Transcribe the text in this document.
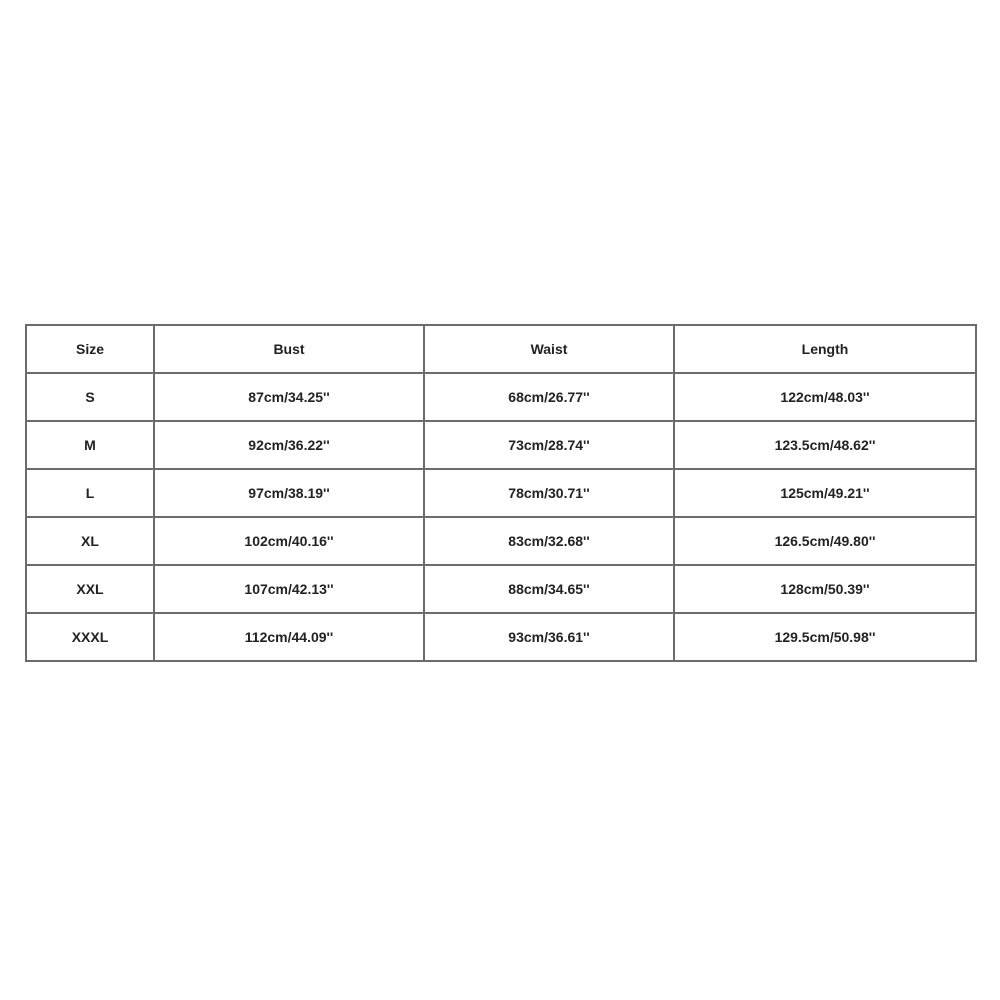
Size	Bust	Waist	Length
S	87cm/34.25''	68cm/26.77''	122cm/48.03''
M	92cm/36.22''	73cm/28.74''	123.5cm/48.62''
L	97cm/38.19''	78cm/30.71''	125cm/49.21''
XL	102cm/40.16''	83cm/32.68''	126.5cm/49.80''
XXL	107cm/42.13''	88cm/34.65''	128cm/50.39''
XXXL	112cm/44.09''	93cm/36.61''	129.5cm/50.98''
